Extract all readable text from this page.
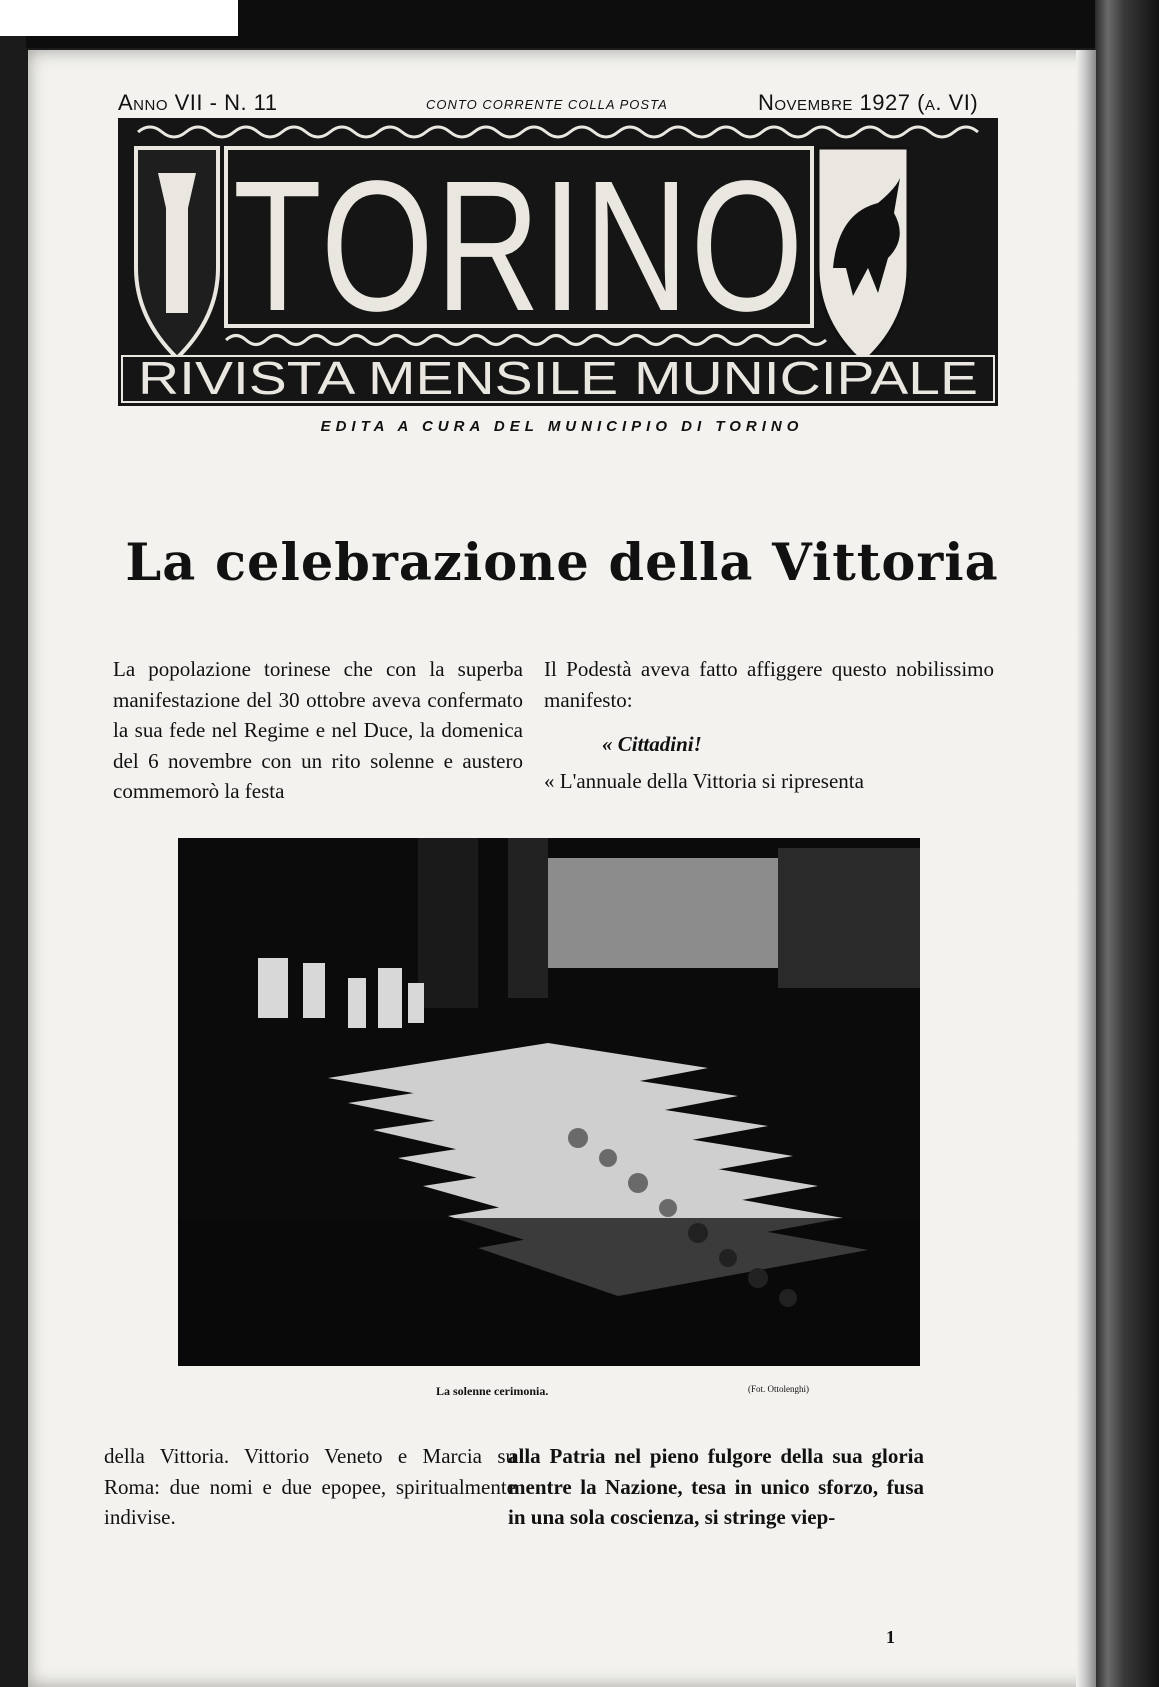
Anno VII - N. 11	CONTO CORRENTE COLLA POSTA	Novembre 1927 (a. VI)
TORINO
RIVISTA MENSILE MUNICIPALE
EDITA A CURA DEL MUNICIPIO DI TORINO
La celebrazione della Vittoria

La popolazione torinese che con la superba manifestazione del 30 ottobre aveva confermato la sua fede nel Regime e nel Duce, la domenica del 6 novembre con un rito solenne e austero commemorò la festa

Il Podestà aveva fatto affiggere questo nobilissimo manifesto:

« Cittadini!

« L'annuale della Vittoria si ripresenta

La solenne cerimonia.	(Fot. Ottolenghi)

della Vittoria. Vittorio Veneto e Marcia su Roma: due nomi e due epopee, spiritualmente indivise.

alla Patria nel pieno fulgore della sua gloria mentre la Nazione, tesa in unico sforzo, fusa in una sola coscienza, si stringe viep-

1
